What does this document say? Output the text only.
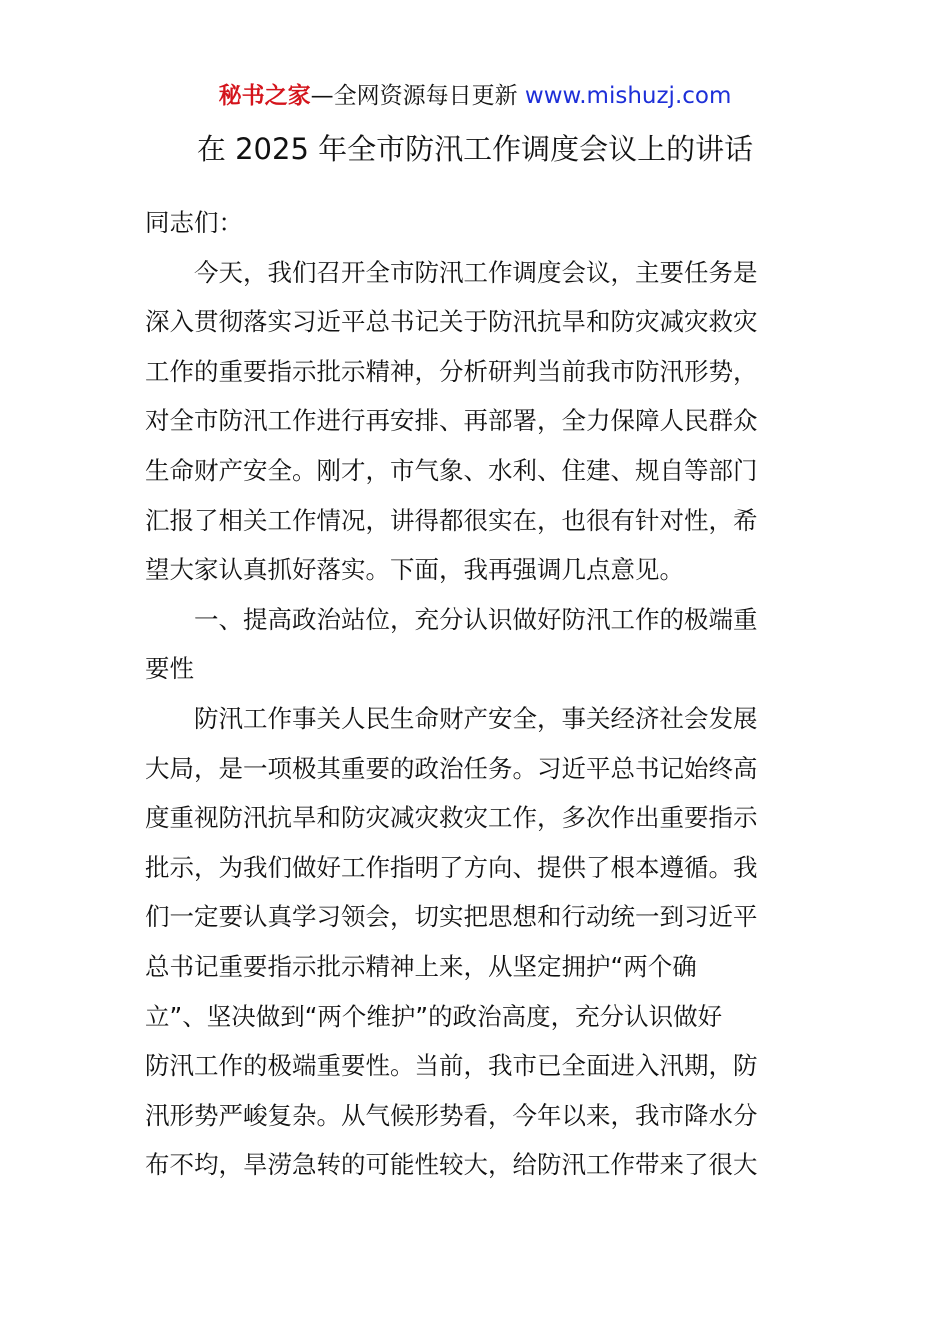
秘书之家—全网资源每日更新 www.mishuzj.com
在 2025 年全市防汛工作调度会议上的讲话
同志们：
今天，我们召开全市防汛工作调度会议，主要任务是
深入贯彻落实习近平总书记关于防汛抗旱和防灾减灾救灾
工作的重要指示批示精神，分析研判当前我市防汛形势，
对全市防汛工作进行再安排、再部署，全力保障人民群众
生命财产安全。刚才，市气象、水利、住建、规自等部门
汇报了相关工作情况，讲得都很实在，也很有针对性，希
望大家认真抓好落实。下面，我再强调几点意见。
一、提高政治站位，充分认识做好防汛工作的极端重
要性
防汛工作事关人民生命财产安全，事关经济社会发展
大局，是一项极其重要的政治任务。习近平总书记始终高
度重视防汛抗旱和防灾减灾救灾工作，多次作出重要指示
批示，为我们做好工作指明了方向、提供了根本遵循。我
们一定要认真学习领会，切实把思想和行动统一到习近平
总书记重要指示批示精神上来，从坚定拥护“两个确
立”、坚决做到“两个维护”的政治高度，充分认识做好
防汛工作的极端重要性。当前，我市已全面进入汛期，防
汛形势严峻复杂。从气候形势看，今年以来，我市降水分
布不均，旱涝急转的可能性较大，给防汛工作带来了很大
